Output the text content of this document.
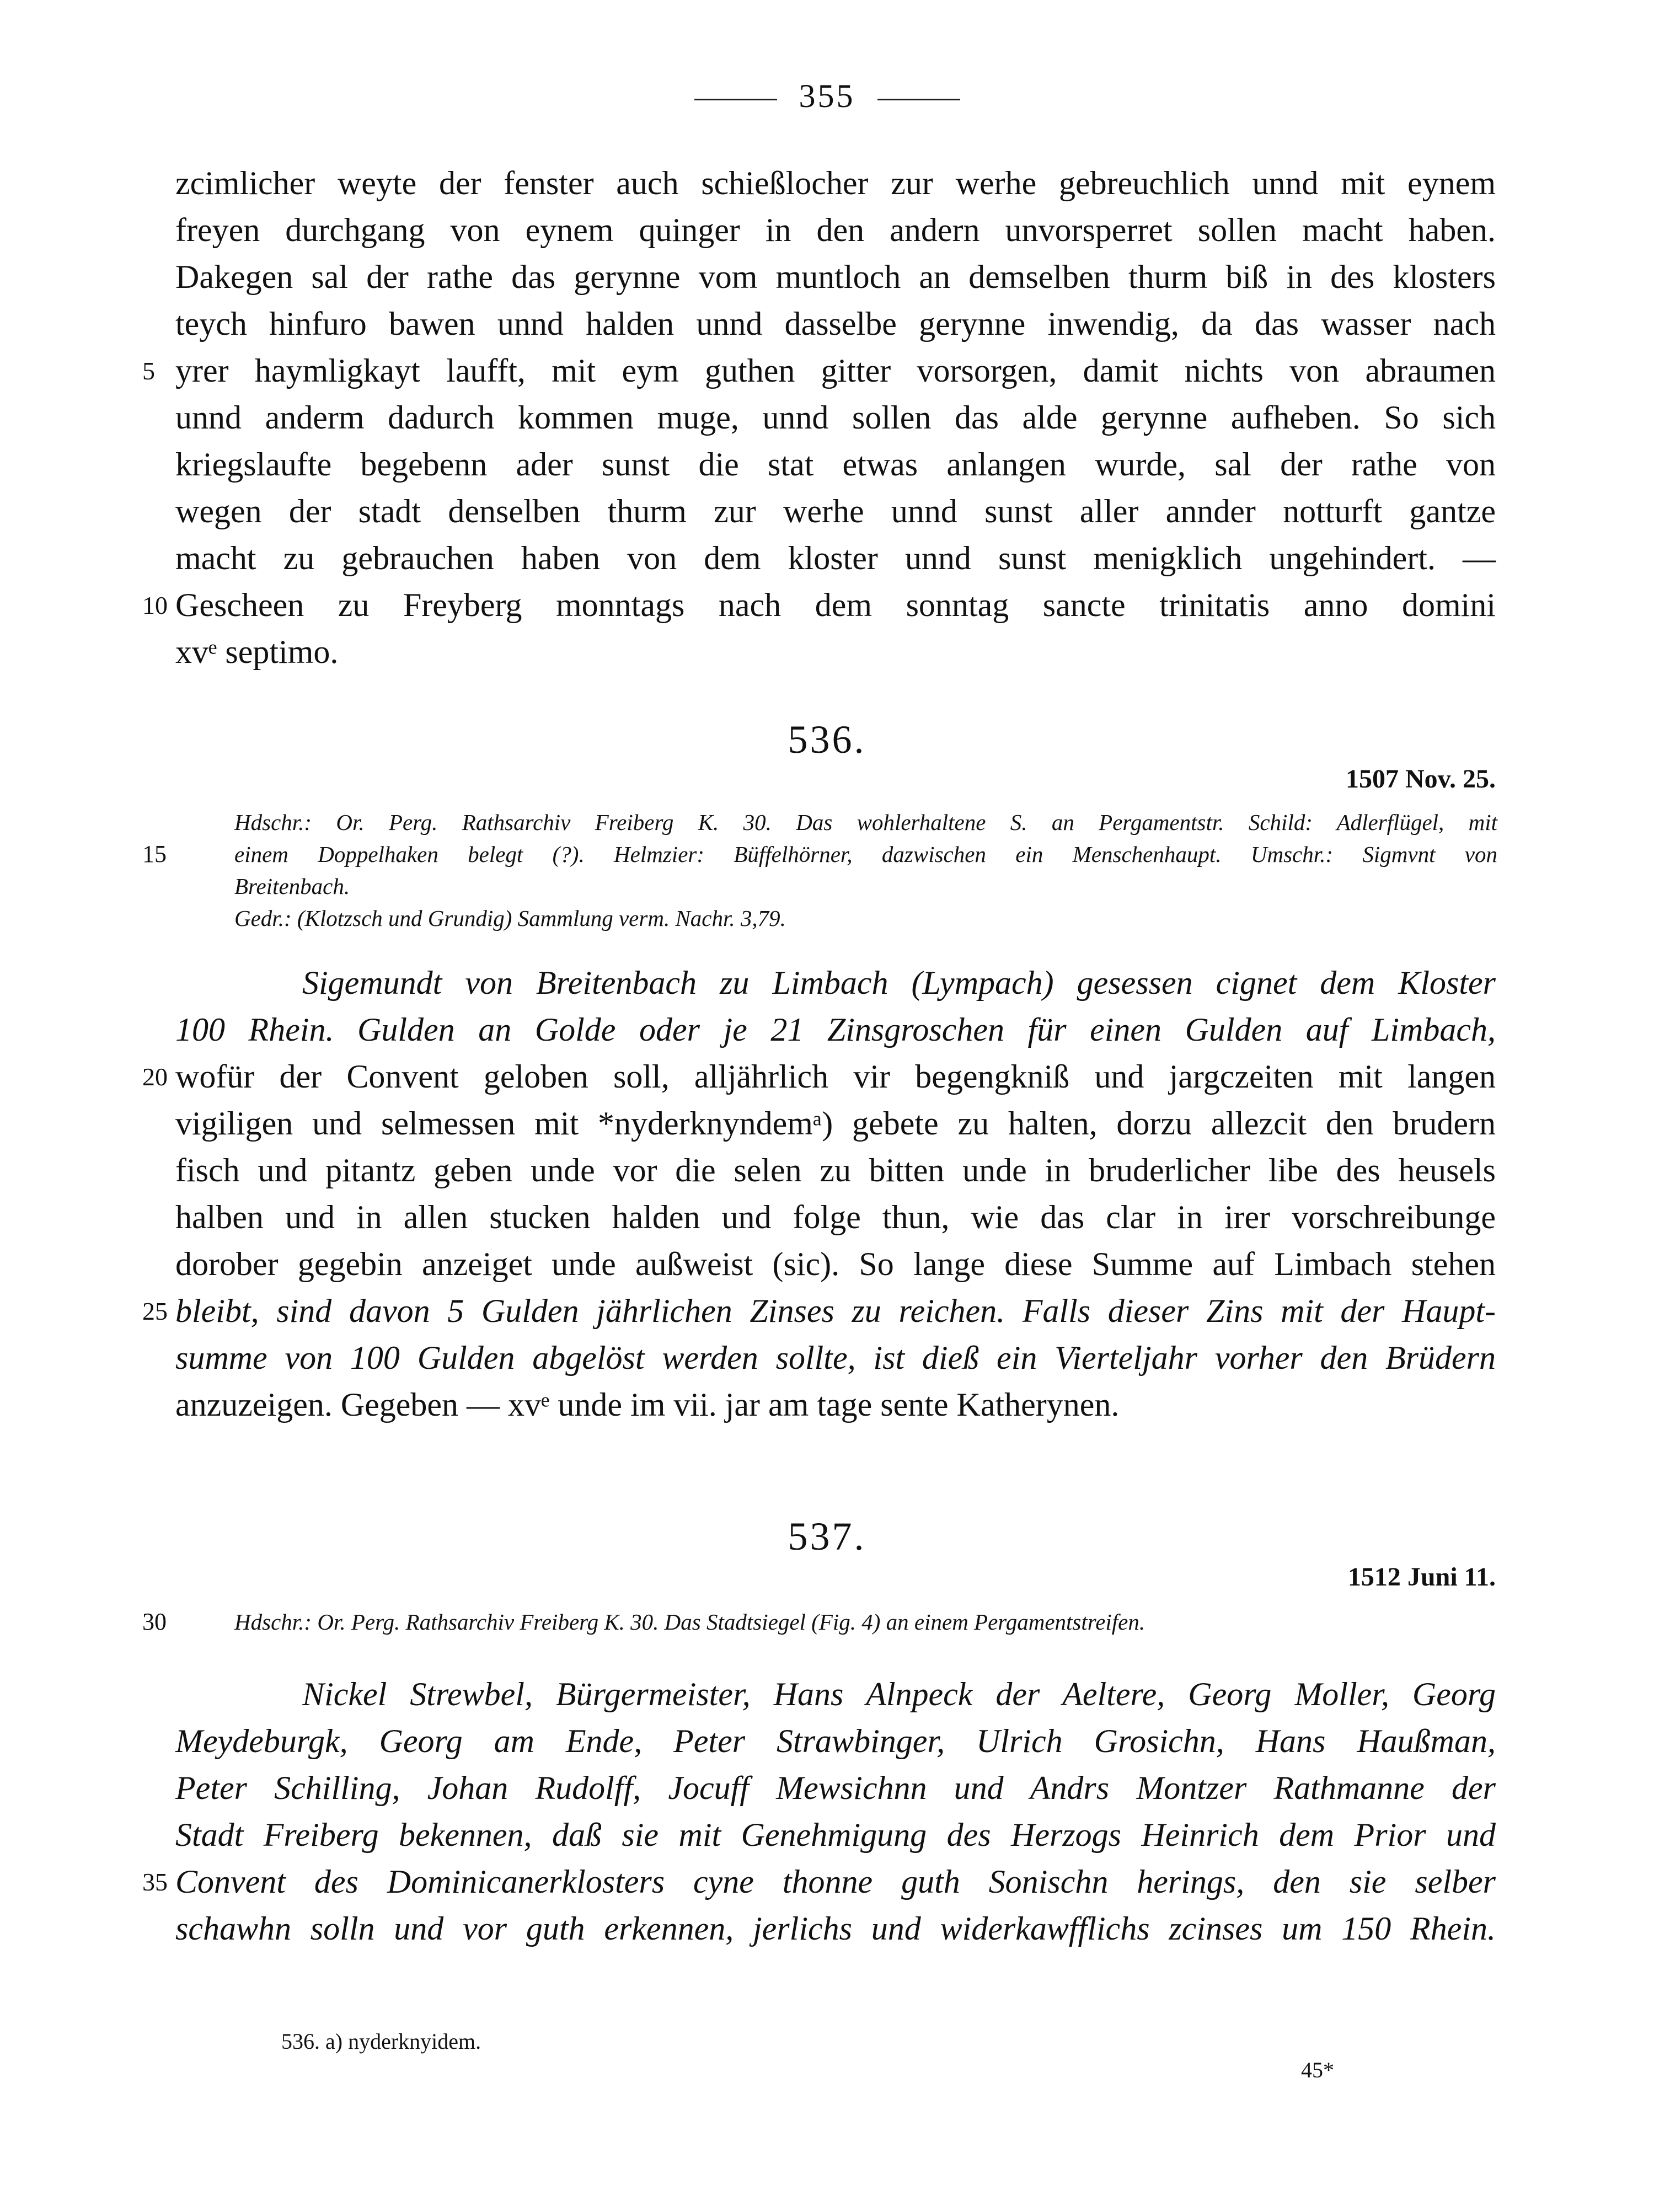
355
zcimlicher weyte der fenster auch schießlocher zur werhe gebreuchlich unnd mit eynem
freyen durchgang von eynem quinger in den andern unvorsperret sollen macht haben.
Dakegen sal der rathe das gerynne vom muntloch an demselben thurm biß in des klosters
teych hinfuro bawen unnd halden unnd dasselbe gerynne inwendig, da das wasser nach
5 yrer haymligkayt laufft, mit eym guthen gitter vorsorgen, damit nichts von abraumen
unnd anderm dadurch kommen muge, unnd sollen das alde gerynne aufheben. So sich
kriegslaufte begebenn ader sunst die stat etwas anlangen wurde, sal der rathe von
wegen der stadt denselben thurm zur werhe unnd sunst aller annder notturft gantze
macht zu gebrauchen haben von dem kloster unnd sunst menigklich ungehindert. —
10 Gescheen zu Freyberg monntags nach dem sonntag sancte trinitatis anno domini
xvᵉ septimo.
536.
1507 Nov. 25.
Hdschr.: Or. Perg. Rathsarchiv Freiberg K. 30. Das wohlerhaltene S. an Pergamentstr. Schild: Adlerflügel, mit
15	einem Doppelhaken belegt (?). Helmzier: Büffelhörner, dazwischen ein Menschenhaupt. Umschr.: Sigmvnt von
Breitenbach.
Gedr.: (Klotzsch und Grundig) Sammlung verm. Nachr. 3,79.
Sigemundt von Breitenbach zu Limbach (Lympach) gesessen cignet dem Kloster
100 Rhein. Gulden an Golde oder je 21 Zinsgroschen für einen Gulden auf Limbach,
20 wofür der Convent geloben soll, alljährlich vir begengkniß und jargczeiten mit langen
vigiligen und selmessen mit *nyderknyndemᵃ) gebete zu halten, dorzu allezcit den brudern
fisch und pitantz geben unde vor die selen zu bitten unde in bruderlicher libe des heusels
halben und in allen stucken halden und folge thun, wie das clar in irer vorschreibunge
dorober gegebin anzeiget unde außweist (sic). So lange diese Summe auf Limbach stehen
25 bleibt, sind davon 5 Gulden jährlichen Zinses zu reichen. Falls dieser Zins mit der Haupt-
summe von 100 Gulden abgelöst werden sollte, ist dieß ein Vierteljahr vorher den Brüdern
anzuzeigen. Gegeben — xvᵉ unde im vii. jar am tage sente Katherynen.
537.
1512 Juni 11.
30	Hdschr.: Or. Perg. Rathsarchiv Freiberg K. 30. Das Stadtsiegel (Fig. 4) an einem Pergamentstreifen.
Nickel Strewbel, Bürgermeister, Hans Alnpeck der Aeltere, Georg Moller, Georg
Meydeburgk, Georg am Ende, Peter Strawbinger, Ulrich Grosichn, Hans Haußman,
Peter Schilling, Johan Rudolff, Jocuff Mewsichnn und Andrs Montzer Rathmanne der
Stadt Freiberg bekennen, daß sie mit Genehmigung des Herzogs Heinrich dem Prior und
35 Convent des Dominicanerklosters cyne thonne guth Sonischn herings, den sie selber
schawhn solln und vor guth erkennen, jerlichs und widerkawfflichs zcinses um 150 Rhein.
536. a) nyderknyidem.
45*
